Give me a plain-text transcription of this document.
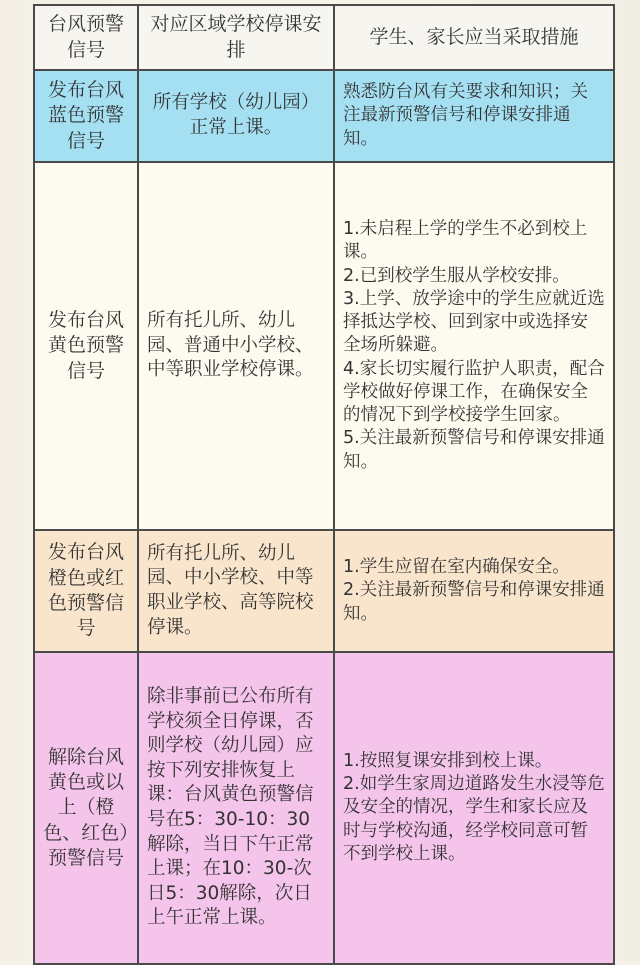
台风预警信号	对应区域学校停课安排	学生、家长应当采取措施
发布台风蓝色预警信号	所有学校（幼儿园）正常上课。	熟悉防台风有关要求和知识；关注最新预警信号和停课安排通知。

发布台风黄色预警信号	所有托儿所、幼儿园、普通中小学校、中等职业学校停课。	1.未启程上学的学生不必到校上课。

2.已到校学生服从学校安排。

3.上学、放学途中的学生应就近选择抵达学校、回到家中或选择安全场所躲避。

4.家长切实履行监护人职责，配合学校做好停课工作，在确保安全的情况下到学校接学生回家。

5.关注最新预警信号和停课安排通知。

发布台风橙色或红色预警信号	所有托儿所、幼儿园、中小学校、中等职业学校、高等院校停课。	1.学生应留在室内确保安全。

2.关注最新预警信号和停课安排通知。

解除台风黄色或以上（橙色、红色）预警信号	除非事前已公布所有学校须全日停课，否则学校（幼儿园）应按下列安排恢复上课：台风黄色预警信号在5：30-10：30解除，当日下午正常上课；在10：30-次日5：30解除，次日上午正常上课。	1.按照复课安排到校上课。

2.如学生家周边道路发生水浸等危及安全的情况，学生和家长应及时与学校沟通，经学校同意可暂不到学校上课。
